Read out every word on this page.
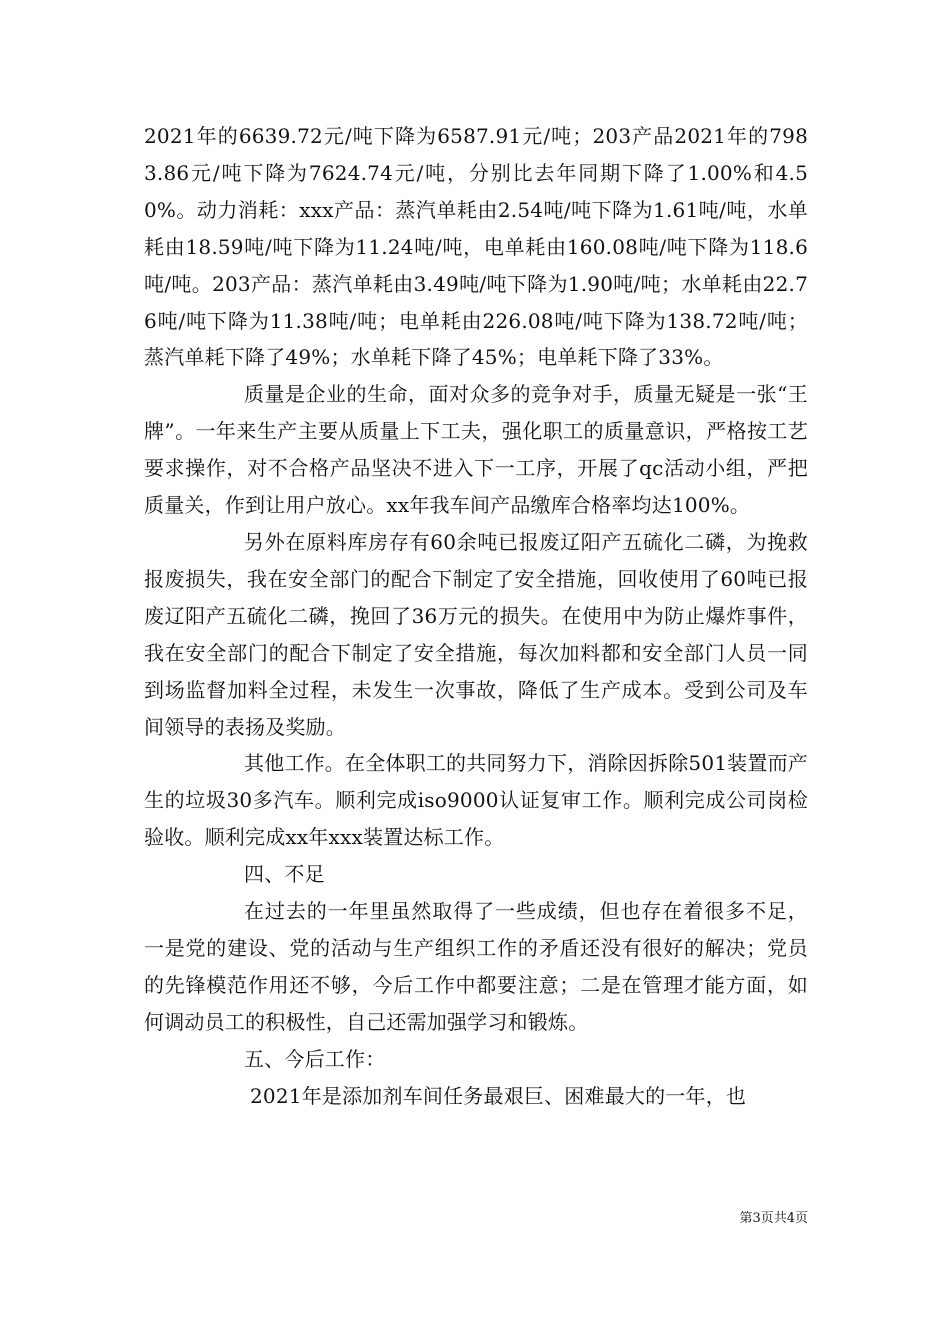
2021年的6639.72元/吨下降为6587.91元/吨；203产品2021年的7983.86元/吨下降为7624.74元/吨，分别比去年同期下降了1.00%和4.50%。动力消耗：xxx产品：蒸汽单耗由2.54吨/吨下降为1.61吨/吨，水单耗由18.59吨/吨下降为11.24吨/吨，电单耗由160.08吨/吨下降为118.6吨/吨。203产品：蒸汽单耗由3.49吨/吨下降为1.90吨/吨；水单耗由22.76吨/吨下降为11.38吨/吨；电单耗由226.08吨/吨下降为138.72吨/吨；蒸汽单耗下降了49%；水单耗下降了45%；电单耗下降了33%。

质量是企业的生命，面对众多的竞争对手，质量无疑是一张“王牌”。一年来生产主要从质量上下工夫，强化职工的质量意识，严格按工艺要求操作，对不合格产品坚决不进入下一工序，开展了qc活动小组，严把质量关，作到让用户放心。xx年我车间产品缴库合格率均达100%。

另外在原料库房存有60余吨已报废辽阳产五硫化二磷，为挽救报废损失，我在安全部门的配合下制定了安全措施，回收使用了60吨已报废辽阳产五硫化二磷，挽回了36万元的损失。在使用中为防止爆炸事件，我在安全部门的配合下制定了安全措施，每次加料都和安全部门人员一同到场监督加料全过程，未发生一次事故，降低了生产成本。受到公司及车间领导的表扬及奖励。

其他工作。在全体职工的共同努力下，消除因拆除501装置而产生的垃圾30多汽车。顺利完成iso9000认证复审工作。顺利完成公司岗检验收。顺利完成xx年xxx装置达标工作。

四、不足

在过去的一年里虽然取得了一些成绩，但也存在着很多不足，一是党的建设、党的活动与生产组织工作的矛盾还没有很好的解决；党员的先锋模范作用还不够，今后工作中都要注意；二是在管理才能方面，如何调动员工的积极性，自己还需加强学习和锻炼。

五、今后工作：

2021年是添加剂车间任务最艰巨、困难最大的一年，也

第3页共4页
